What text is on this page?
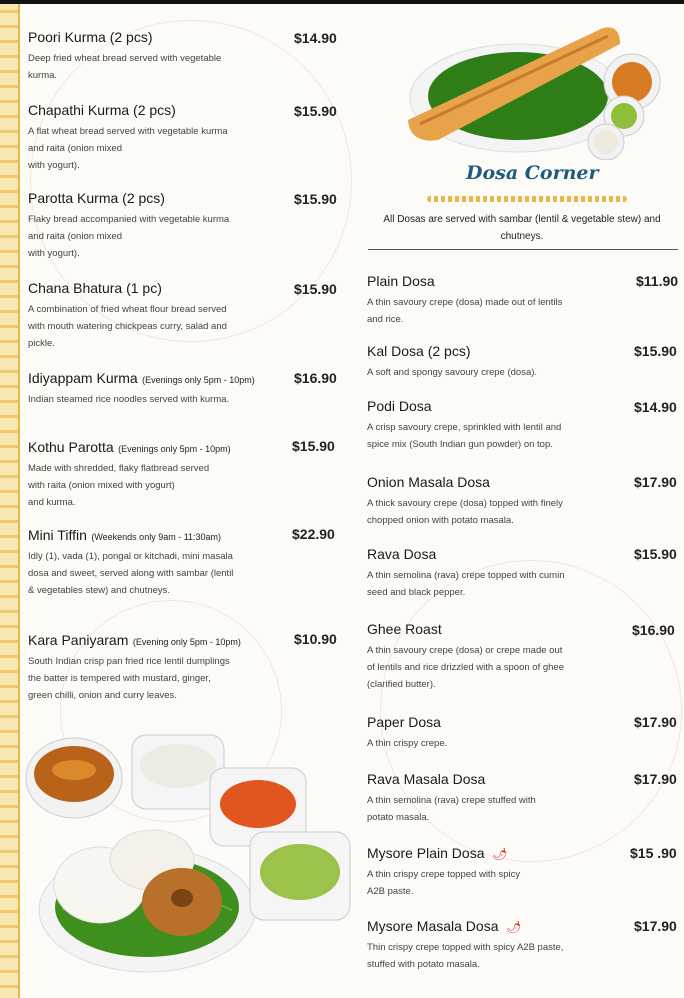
Poori Kurma (2 pcs)
Deep fried wheat bread served with vegetable
kurma.
$14.90
Chapathi Kurma (2 pcs)
A flat wheat bread served with vegetable kurma
and raita (onion mixed
with yogurt).
$15.90
Parotta Kurma (2 pcs)
Flaky bread accompanied with vegetable kurma
and raita (onion mixed
with yogurt).
$15.90
Chana Bhatura (1 pc)
A combination of fried wheat flour bread served
with mouth watering chickpeas curry, salad and
pickle.
$15.90
Idiyappam Kurma (Evenings only 5pm - 10pm)
Indian steamed rice noodles served with kurma.
$16.90
Kothu Parotta (Evenings only 5pm - 10pm)
Made with shredded, flaky flatbread served
with raita (onion mixed with yogurt)
and kurma.
$15.90
Mini Tiffin (Weekends only 9am - 11:30am)
Idly (1), vada (1), pongal or kitchadi, mini masala
dosa and sweet, served along with sambar (lentil
& vegetables stew) and chutneys.
$22.90
Kara Paniyaram (Evening only 5pm - 10pm)
South Indian crisp pan fried rice lentil dumplings
the batter is tempered with mustard, ginger,
green chilli, onion and curry leaves.
$10.90
Dosa Corner
All Dosas are served with sambar (lentil & vegetable stew) and chutneys.
Plain Dosa
A thin savoury crepe (dosa) made out of lentils
and rice.
$11.90
Kal Dosa (2 pcs)
A soft and spongy savoury crepe (dosa).
$15.90
Podi Dosa
A crisp savoury crepe, sprinkled with lentil and
spice mix (South Indian gun powder) on top.
$14.90
Onion Masala Dosa
A thick savoury crepe (dosa) topped with finely
chopped onion with potato masala.
$17.90
Rava Dosa
A thin semolina (rava) crepe topped with cumin
seed and black pepper.
$15.90
Ghee Roast
A thin savoury crepe (dosa) or crepe made out
of lentils and rice drizzled with a spoon of ghee
(clarified butter).
$16.90
Paper Dosa
A thin crispy crepe.
$17.90
Rava Masala Dosa
A thin semolina (rava) crepe stuffed with
potato masala.
$17.90
Mysore Plain Dosa 🌶
A thin crispy crepe topped with spicy
A2B paste.
$15 .90
Mysore Masala Dosa 🌶
Thin crispy crepe topped with spicy A2B paste,
stuffed with potato masala.
$17.90
